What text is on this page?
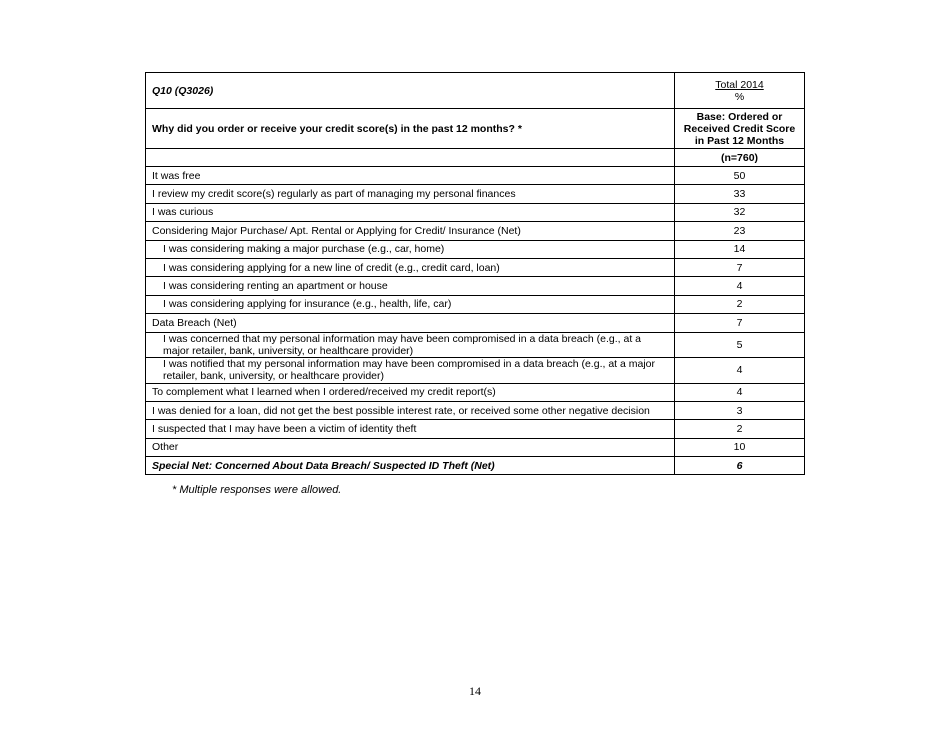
Q10 (Q3026)	Total 2014
%

Why did you order or receive your credit score(s) in the past 12 months? *	Base: Ordered or Received Credit Score in Past 12 Months
	(n=760)
It was free	50
I review my credit score(s) regularly as part of managing my personal finances	33
I was curious	32
Considering Major Purchase/ Apt. Rental or Applying for Credit/ Insurance (Net)	23
I was considering making a major purchase (e.g., car, home)	14
I was considering applying for a new line of credit (e.g., credit card, loan)	7
I was considering renting an apartment or house	4
I was considering applying for insurance (e.g., health, life, car)	2
Data Breach (Net)	7
I was concerned that my personal information may have been compromised in a data breach (e.g., at a major retailer, bank, university, or healthcare provider)	5
I was notified that my personal information may have been compromised in a data breach (e.g., at a major retailer, bank, university, or healthcare provider)	4
To complement what I learned when I ordered/received my credit report(s)	4
I was denied for a loan, did not get the best possible interest rate, or received some other negative decision	3
I suspected that I may have been a victim of identity theft	2
Other	10
Special Net: Concerned About Data Breach/ Suspected ID Theft (Net)	6
* Multiple responses were allowed.
14
